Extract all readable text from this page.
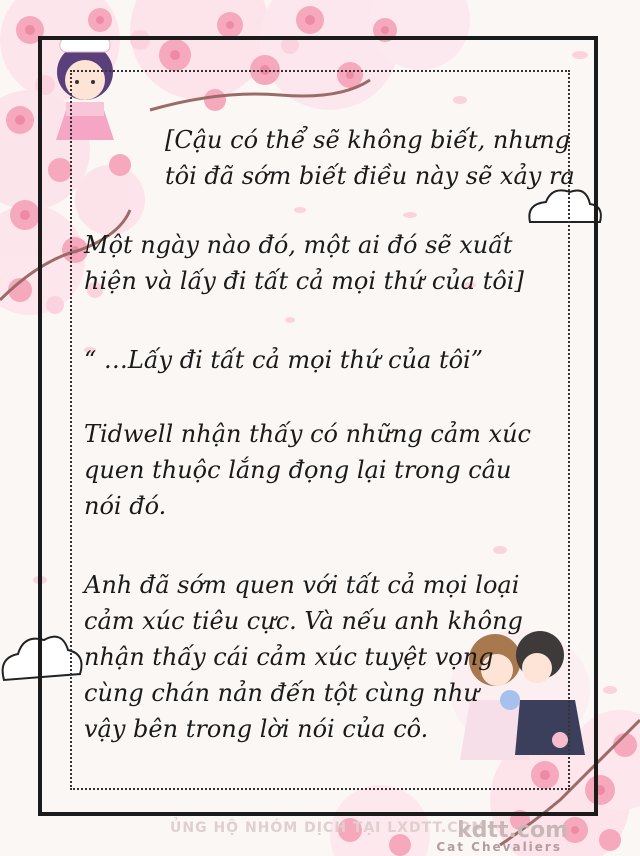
[Cậu có thể sẽ không biết, nhưng
tôi đã sớm biết điều này sẽ xảy ra
Một ngày nào đó, một ai đó sẽ xuất
hiện và lấy đi tất cả mọi thứ của tôi]
“ …Lấy đi tất cả mọi thứ của tôi”
Tidwell nhận thấy có những cảm xúc
quen thuộc lắng đọng lại trong câu
nói đó.
Anh đã sớm quen với tất cả mọi loại
cảm xúc tiêu cực. Và nếu anh không
nhận thấy cái cảm xúc tuyệt vọng
cùng chán nản đến tột cùng như
vậy bên trong lời nói của cô.
ỦNG HỘ NHÓM DỊCH TẠI LXDTT.COM
kdtt.com
Cat Chevaliers
